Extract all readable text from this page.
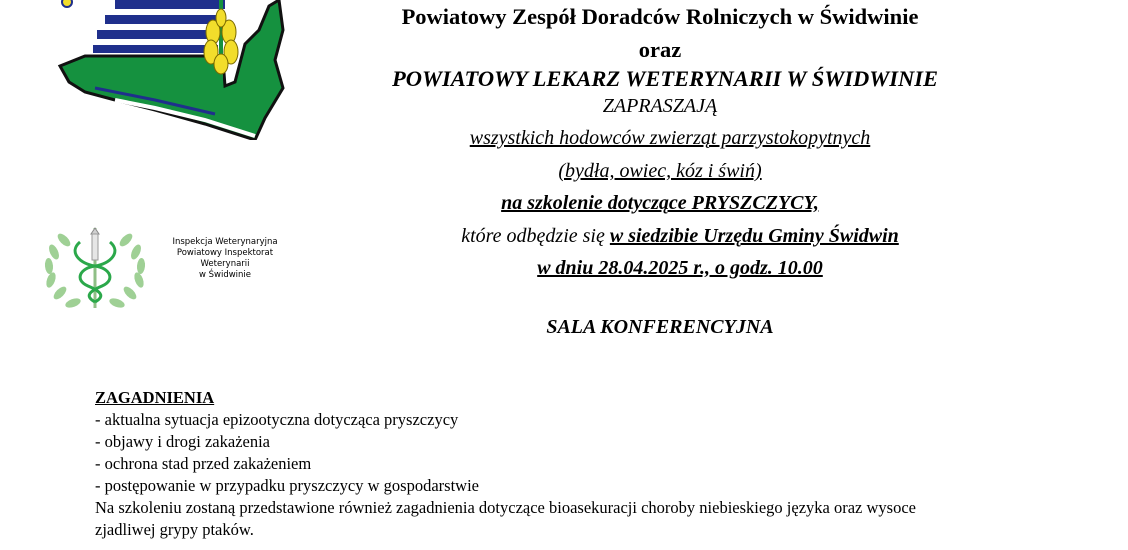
Inspekcja Weterynaryjna
Powiatowy Inspektorat Weterynarii
w Świdwinie
Powiatowy Zespół Doradców Rolniczych w Świdwinie
oraz
POWIATOWY LEKARZ WETERYNARII W ŚWIDWINIE
ZAPRASZAJĄ
wszystkich hodowców zwierząt parzystokopytnych
(bydła, owiec, kóz i świń)
na szkolenie dotyczące PRYSZCZYCY,
które odbędzie się w siedzibie Urzędu Gminy Świdwin
w dniu 28.04.2025 r., o godz. 10.00
SALA KONFERENCYJNA
ZAGADNIENIA
- aktualna sytuacja epizootyczna dotycząca pryszczycy
- objawy i drogi zakażenia
- ochrona stad przed zakażeniem
- postępowanie w przypadku pryszczycy w gospodarstwie
Na szkoleniu zostaną przedstawione również zagadnienia dotyczące bioasekuracji choroby niebieskiego języka oraz wysoce
zjadliwej grypy ptaków.
